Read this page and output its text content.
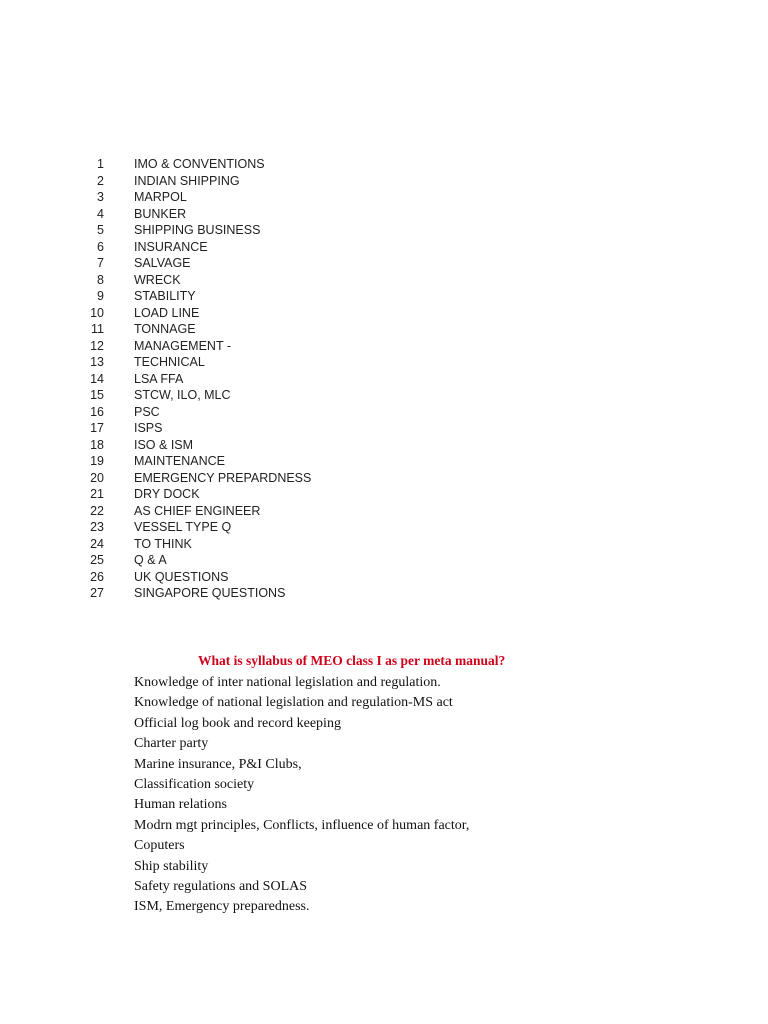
1 IMO & CONVENTIONS
2 INDIAN SHIPPING
3 MARPOL
4 BUNKER
5 SHIPPING BUSINESS
6 INSURANCE
7 SALVAGE
8 WRECK
9 STABILITY
10 LOAD LINE
11 TONNAGE
12 MANAGEMENT -
13 TECHNICAL
14 LSA FFA
15 STCW, ILO, MLC
16 PSC
17 ISPS
18 ISO & ISM
19 MAINTENANCE
20 EMERGENCY PREPARDNESS
21 DRY DOCK
22 AS CHIEF ENGINEER
23 VESSEL TYPE Q
24 TO THINK
25 Q & A
26 UK QUESTIONS
27 SINGAPORE QUESTIONS
What is syllabus of MEO class I as per meta manual?
Knowledge of inter national legislation and regulation.
Knowledge of national legislation and regulation-MS act
Official log book and record keeping
Charter party
Marine insurance, P&I Clubs,
Classification society
Human relations
Modrn mgt principles, Conflicts, influence of human factor,
Coputers
Ship stability
Safety regulations and SOLAS
ISM, Emergency preparedness.
